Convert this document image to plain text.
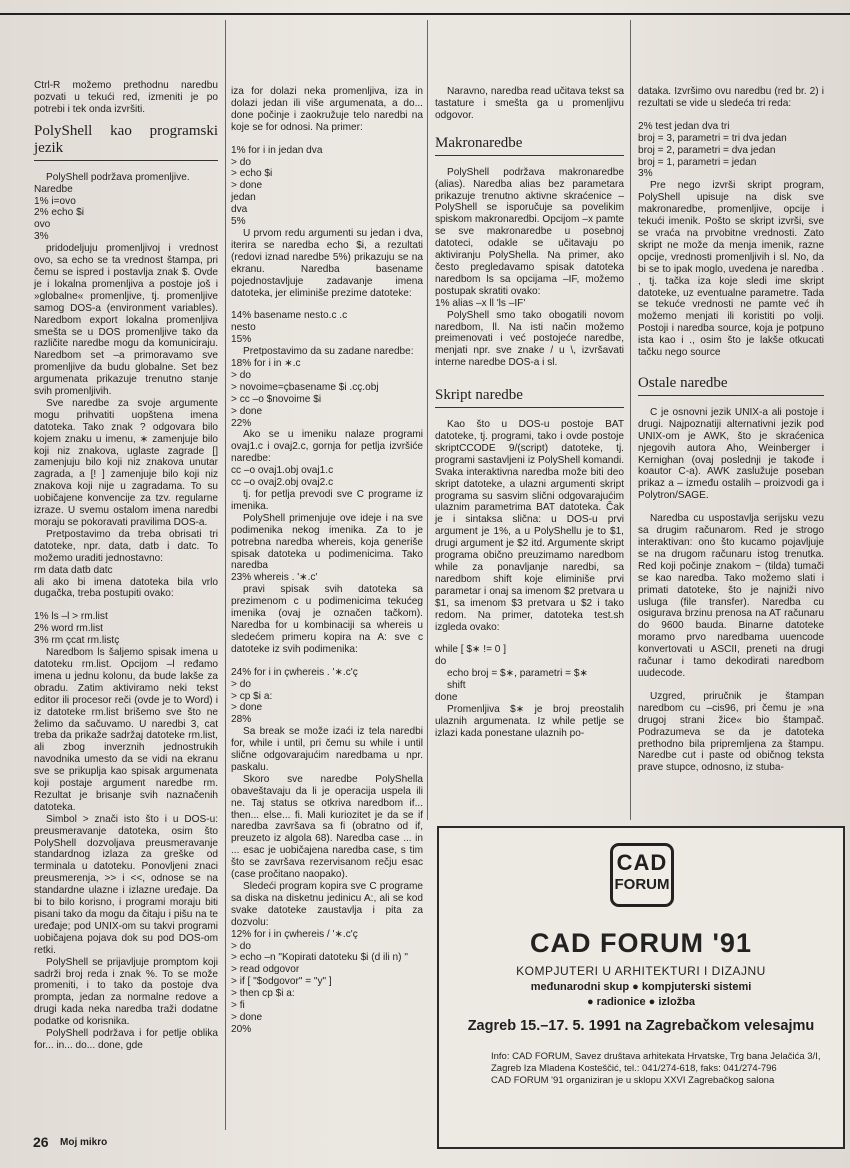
Ctrl-R možemo prethodnu naredbu pozvati u tekući red, izmeniti je po potrebi i tek onda izvršiti.

PolyShell kao programski jezik

PolyShell podržava promenljive.

Naredbe

1% i=ovo

2% echo $i

ovo

3%

pridodeljuju promenljivoj i vrednost ovo, sa echo se ta vrednost štampa, pri čemu se ispred i postavlja znak $. Ovde je i lokalna promenljiva a postoje još i »globalne« promenljive, tj. promenljive samog DOS-a (environment variables). Naredbom export lokalna promenljiva smešta se u DOS promenljive tako da različite naredbe mogu da komuniciraju. Naredbom set –a primoravamo sve promenljive da budu globalne. Set bez argumenata prikazuje trenutno stanje svih promenljivih.

Sve naredbe za svoje argumente mogu prihvatiti uopštena imena datoteka. Tako znak ? odgovara bilo kojem znaku u imenu, ∗ zamenjuje bilo koji niz znakova, uglaste zagrade [] zamenjuju bilo koji niz znakova unutar zagrada, a [! ] zamenjuje bilo koji niz znakova koji nije u zagradama. To su uobičajene konvencije za tzv. regularne izraze. U svemu ostalom imena naredbi moraju se pokoravati pravilima DOS-a.

Pretpostavimo da treba obrisati tri datoteke, npr. data, datb i datc. To možemo uraditi jednostavno:

rm data datb datc

ali ako bi imena datoteka bila vrlo dugačka, treba postupiti ovako:

1% ls –l > rm.list

2% word rm.list

3% rm çcat rm.listç

Naredbom ls šaljemo spisak imena u datoteku rm.list. Opcijom –l ređamo imena u jednu kolonu, da bude lakše za obradu. Zatim aktiviramo neki tekst editor ili procesor reči (ovde je to Word) i iz datoteke rm.list brišemo sve što ne želimo da sačuvamo. U naredbi 3, cat treba da prikaže sadržaj datoteke rm.list, ali zbog inverznih jednostrukih navodnika umesto da se vidi na ekranu sve se prikuplja kao spisak argumenata koji postaje argument naredbe rm. Rezultat je brisanje svih naznačenih datoteka.

Simbol > znači isto što i u DOS-u: preusmeravanje datoteka, osim što PolyShell dozvoljava preusmeravanje standardnog izlaza za greške od terminala u datoteku. Ponovljeni znaci preusmerenja, >> i <<, odnose se na standardne ulazne i izlazne uređaje. Da bi to bilo korisno, i programi moraju biti pisani tako da mogu da čitaju i pišu na te uređaje; pod UNIX-om su takvi programi uobičajena pojava dok su pod DOS-om retki.

PolyShell se prijavljuje promptom koji sadrži broj reda i znak %. To se može promeniti, i to tako da postoje dva prompta, jedan za normalne redove a drugi kada neka naredba traži dodatne podatke od korisnika.

PolyShell podržava i for petlje oblika for... in... do... done, gde

iza for dolazi neka promenljiva, iza in dolazi jedan ili više argumenata, a do... done počinje i zaokružuje telo naredbi na koje se for odnosi. Na primer:

1% for i in jedan dva

> do

> echo $i

> done

jedan

dva

5%

U prvom redu argumenti su jedan i dva, iterira se naredba echo $i, a rezultati (redovi iznad naredbe 5%) prikazuju se na ekranu. Naredba basename pojednostavljuje zadavanje imena datoteka, jer eliminiše prezime datoteke:

14% basename nesto.c .c

nesto

15%

Pretpostavimo da su zadane naredbe:

18% for i in ∗.c

> do

> novoime=çbasename $i .cç.obj

> cc –o $novoime $i

> done

22%

Ako se u imeniku nalaze programi ovaj1.c i ovaj2.c, gornja for petlja izvršiće naredbe:

cc –o ovaj1.obj ovaj1.c

cc –o ovaj2.obj ovaj2.c

tj. for petlja prevodi sve C programe iz imenika.

PolyShell primenjuje ove ideje i na sve podimenika nekog imenika. Za to je potrebna naredba whereis, koja generiše spisak datoteka u podimenicima. Tako naredba

23% whereis . '∗.c'

pravi spisak svih datoteka sa prezimenom c u podimenicima tekućeg imenika (ovaj je označen tačkom). Naredba for u kombinaciji sa whereis u sledećem primeru kopira na A: sve c datoteke iz svih podimenika:

24% for i in çwhereis . '∗.c'ç

> do

> cp $i a:

> done

28%

Sa break se može izaći iz tela naredbi for, while i until, pri čemu su while i until slične odgovarajućim naredbama u npr. paskalu.

Skoro sve naredbe PolyShella obaveštavaju da li je operacija uspela ili ne. Taj status se otkriva naredbom if... then... else... fi. Mali kuriozitet je da se if naredba završava sa fi (obratno od if, preuzeto iz algola 68). Naredba case ... in ... esac je uobičajena naredba case, s tim što se završava rezervisanom rečju esac (case pročitano naopako).

Sledeći program kopira sve C programe sa diska na disketnu jedinicu A:, ali se kod svake datoteke zaustavlja i pita za dozvolu:

12% for i in çwhereis / '∗.c'ç

> do

> echo –n "Kopirati datoteku $i (d ili n) "

> read odgovor

> if [ "$odgovor" = "y" ]

> then cp $i a:

> fi

> done

20%

Naravno, naredba read učitava tekst sa tastature i smešta ga u promenljivu odgovor.

Makronaredbe

PolyShell podržava makronaredbe (alias). Naredba alias bez parametara prikazuje trenutno aktivne skraćenice – PolyShell se isporučuje sa povelikim spiskom makronaredbi. Opcijom –x pamte se sve makronaredbe u posebnoj datoteci, odakle se učitavaju po aktiviranju PolyShella. Na primer, ako često pregledavamo spisak datoteka naredbom ls sa opcijama –IF, možemo postupak skratiti ovako:

1% alias –x ll 'ls –IF'

PolyShell smo tako obogatili novom naredbom, ll. Na isti način možemo preimenovati i već postojeće naredbe, menjati npr. sve znake / u \, izvršavati interne naredbe DOS-a i sl.

Skript naredbe

Kao što u DOS-u postoje BAT datoteke, tj. programi, tako i ovde postoje skriptCCODE 9/(script) datoteke, tj. programi sastavljeni iz PolyShell komandi. Svaka interaktivna naredba može biti deo skript datoteke, a ulazni argumenti skript programa su sasvim slični odgovarajućim ulaznim parametrima BAT datoteka. Čak je i sintaksa slična: u DOS-u prvi argument je 1%, a u PolyShellu je to $1, drugi argument je $2 itd. Argumente skript programa obično preuzimamo naredbom while za ponavljanje naredbi, sa naredbom shift koje eliminiše prvi parametar i onaj sa imenom $2 pretvara u $1, sa imenom $3 pretvara u $2 i tako redom. Na primer, datoteka test.sh izgleda ovako:

while [ $∗ != 0 ]

do

echo broj = $∗, parametri = $∗

shift

done

Promenljiva $∗ je broj preostalih ulaznih argumenata. Iz while petlje se izlazi kada ponestane ulaznih po-

dataka. Izvršimo ovu naredbu (red br. 2) i rezultati se vide u sledeća tri reda:

2% test jedan dva tri

broj = 3, parametri = tri dva jedan

broj = 2, parametri = dva jedan

broj = 1, parametri = jedan

3%

Pre nego izvrši skript program, PolyShell upisuje na disk sve makronaredbe, promenljive, opcije i tekući imenik. Pošto se skript izvrši, sve se vraća na prvobitne vrednosti. Zato skript ne može da menja imenik, razne opcije, vrednosti promenljivih i sl. No, da bi se to ipak moglo, uvedena je naredba . , tj. tačka iza koje sledi ime skript datoteke, uz eventualne parametre. Tada se tekuće vrednosti ne pamte već ih možemo menjati ili koristiti po volji. Postoji i naredba source, koja je potpuno ista kao i ., osim što je lakše otkucati tačku nego source

Ostale naredbe

C je osnovni jezik UNIX-a ali postoje i drugi. Najpoznatiji alternativni jezik pod UNIX-om je AWK, što je skraćenica njegovih autora Aho, Weinberger i Kernighan (ovaj poslednji je takođe i koautor C-a). AWK zaslužuje poseban prikaz a – između ostalih – proizvodi ga i Polytron/SAGE.

Naredba cu uspostavlja serijsku vezu sa drugim računarom. Red je strogo interaktivan: ono što kucamo pojavljuje se na drugom računaru istog trenutka. Red koji počinje znakom ~ (tilda) tumači se kao naredba. Tako možemo slati i primati datoteke, što je najniži nivo usluga (file transfer). Naredba cu osigurava brzinu prenosa na AT računaru do 9600 bauda. Binarne datoteke moramo prvo naredbama uuencode konvertovati u ASCII, preneti na drugi računar i tamo dekodirati naredbom uudecode.

Uzgred, priručnik je štampan naredbom cu –cis96, pri čemu je »na drugoj strani žice« bio štampač. Podrazumeva se da je datoteka prethodno bila pripremljena za štampu. Naredbe cut i paste od običnog teksta prave stupce, odnosno, iz stuba-

CAD
FORUM
CAD FORUM '91
KOMPJUTERI U ARHITEKTURI I DIZAJNU
međunarodni skup ● kompjuterski sistemi
● radionice ● izložba
Zagreb 15.–17. 5. 1991 na Zagrebačkom velesajmu
Info: CAD FORUM, Savez društava arhitekata Hrvatske, Trg bana Jelačića 3/I,
Zagreb Iza Mladena Kosteščić, tel.: 041/274-618, faks: 041/274-796
CAD FORUM '91 organiziran je u sklopu XXVI Zagrebačkog salona
26 Moj mikro
